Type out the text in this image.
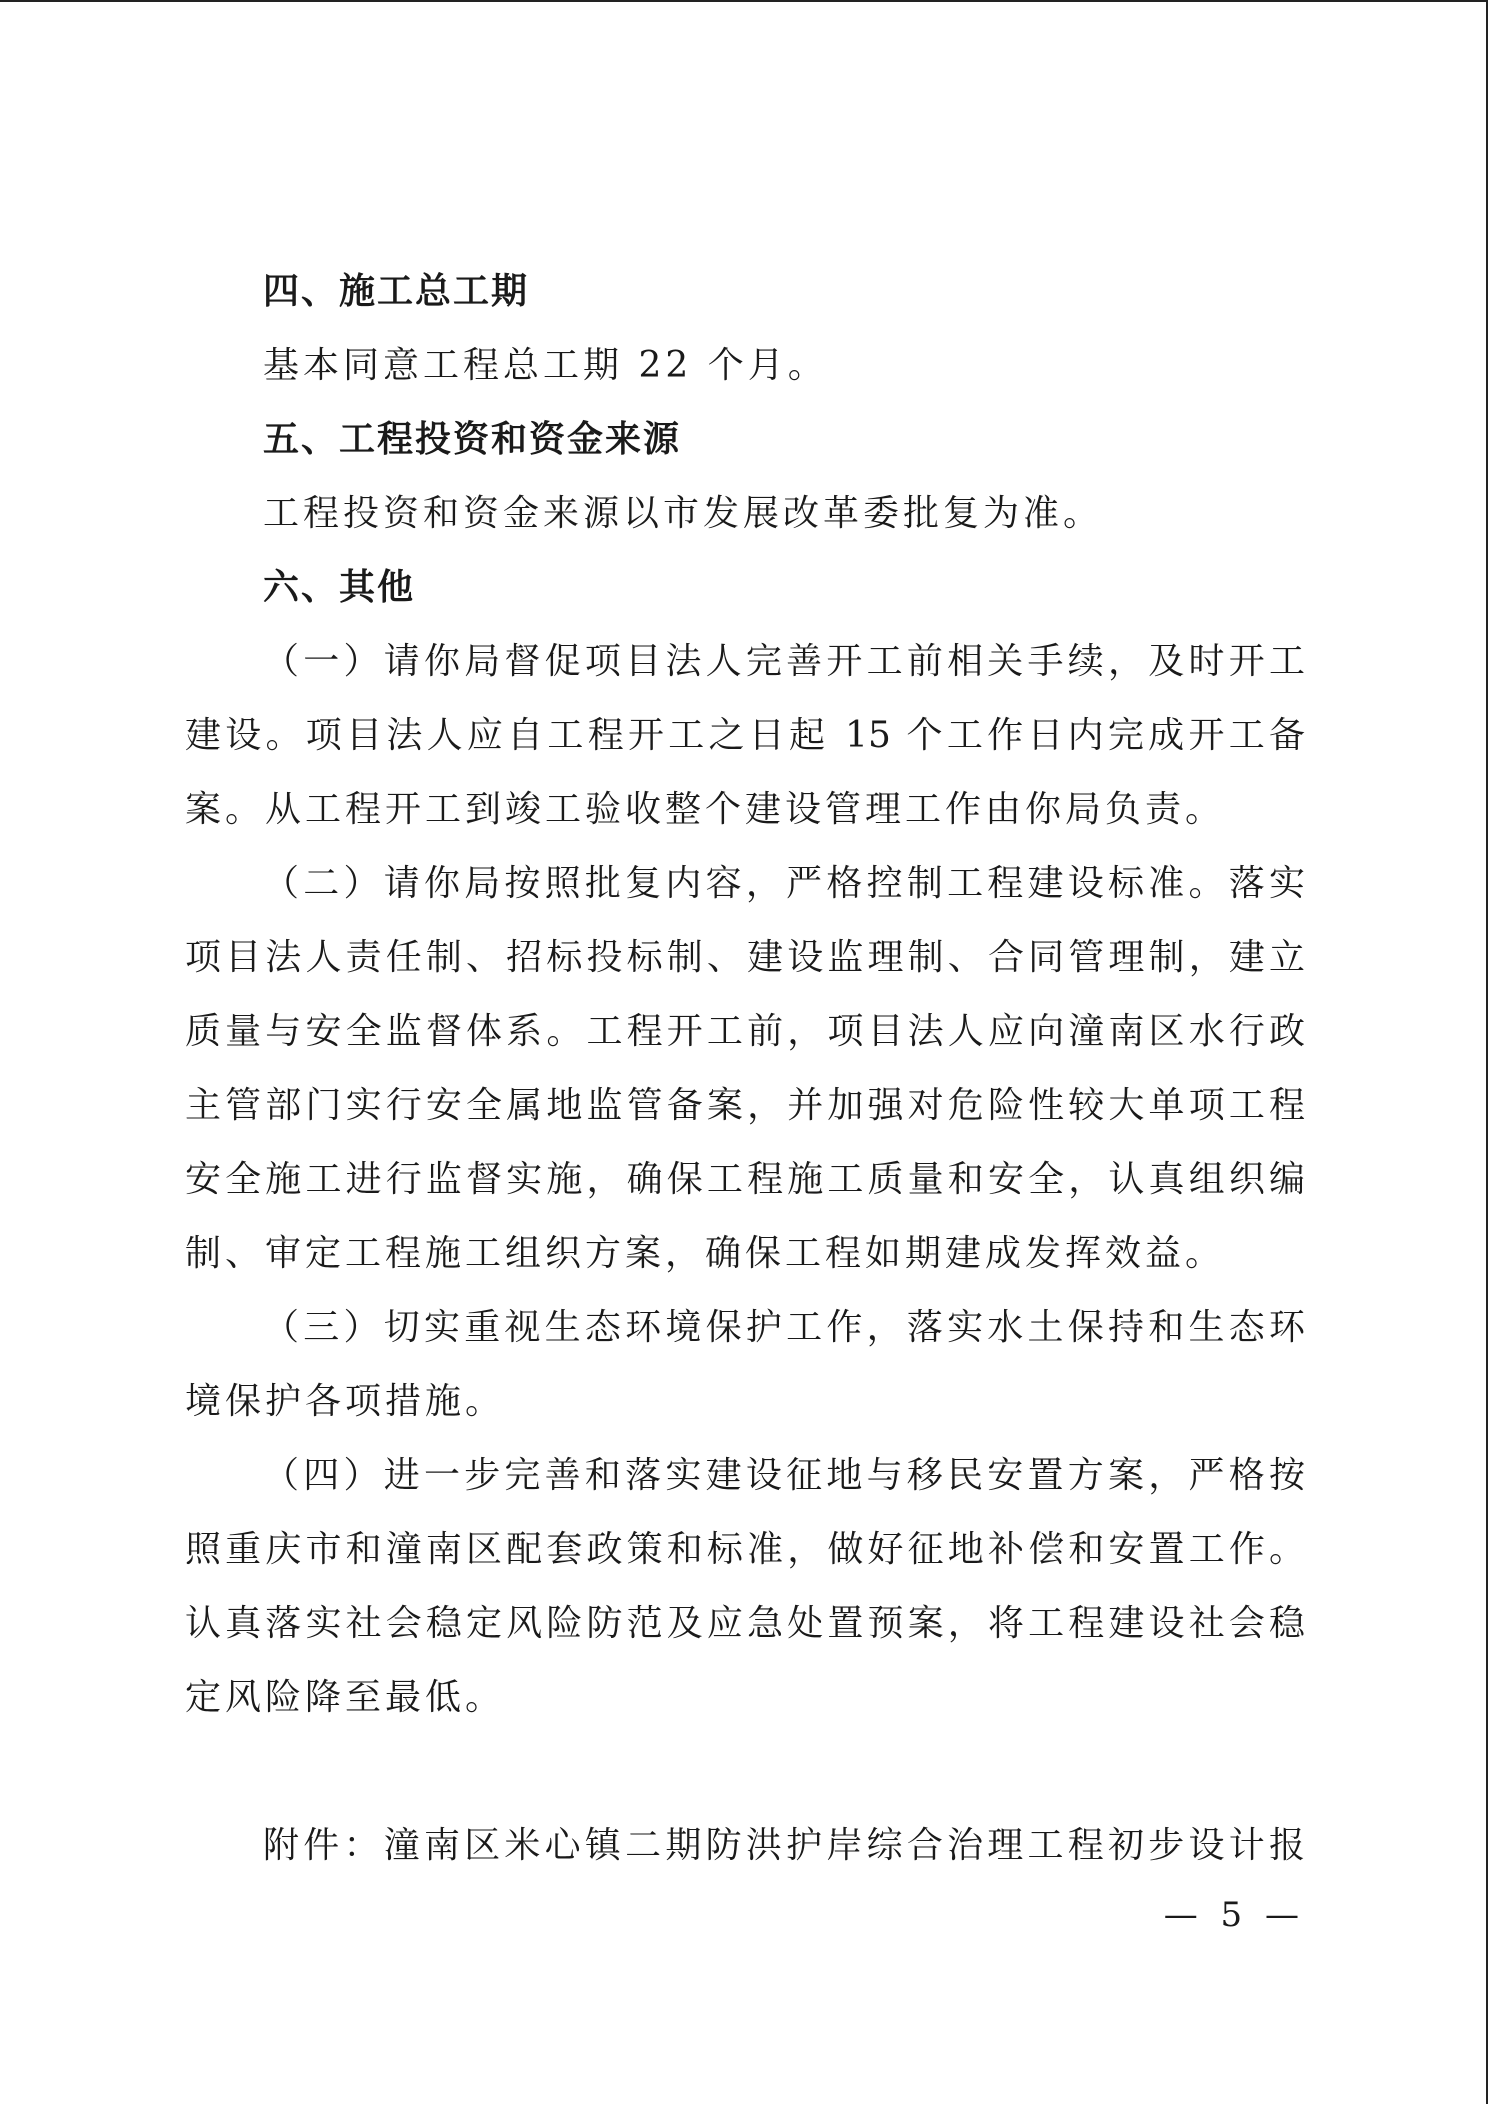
四、施工总工期
基本同意工程总工期 22 个月。
五、工程投资和资金来源
工程投资和资金来源以市发展改革委批复为准。
六、其他
（一）请你局督促项目法人完善开工前相关手续，及时开工
建设。项目法人应自工程开工之日起 15 个工作日内完成开工备
案。从工程开工到竣工验收整个建设管理工作由你局负责。
（二）请你局按照批复内容，严格控制工程建设标准。落实
项目法人责任制、招标投标制、建设监理制、合同管理制，建立
质量与安全监督体系。工程开工前，项目法人应向潼南区水行政
主管部门实行安全属地监管备案，并加强对危险性较大单项工程
安全施工进行监督实施，确保工程施工质量和安全，认真组织编
制、审定工程施工组织方案，确保工程如期建成发挥效益。
（三）切实重视生态环境保护工作，落实水土保持和生态环
境保护各项措施。
（四）进一步完善和落实建设征地与移民安置方案，严格按
照重庆市和潼南区配套政策和标准，做好征地补偿和安置工作。
认真落实社会稳定风险防范及应急处置预案，将工程建设社会稳
定风险降至最低。
附件：潼南区米心镇二期防洪护岸综合治理工程初步设计报
— 5 —
